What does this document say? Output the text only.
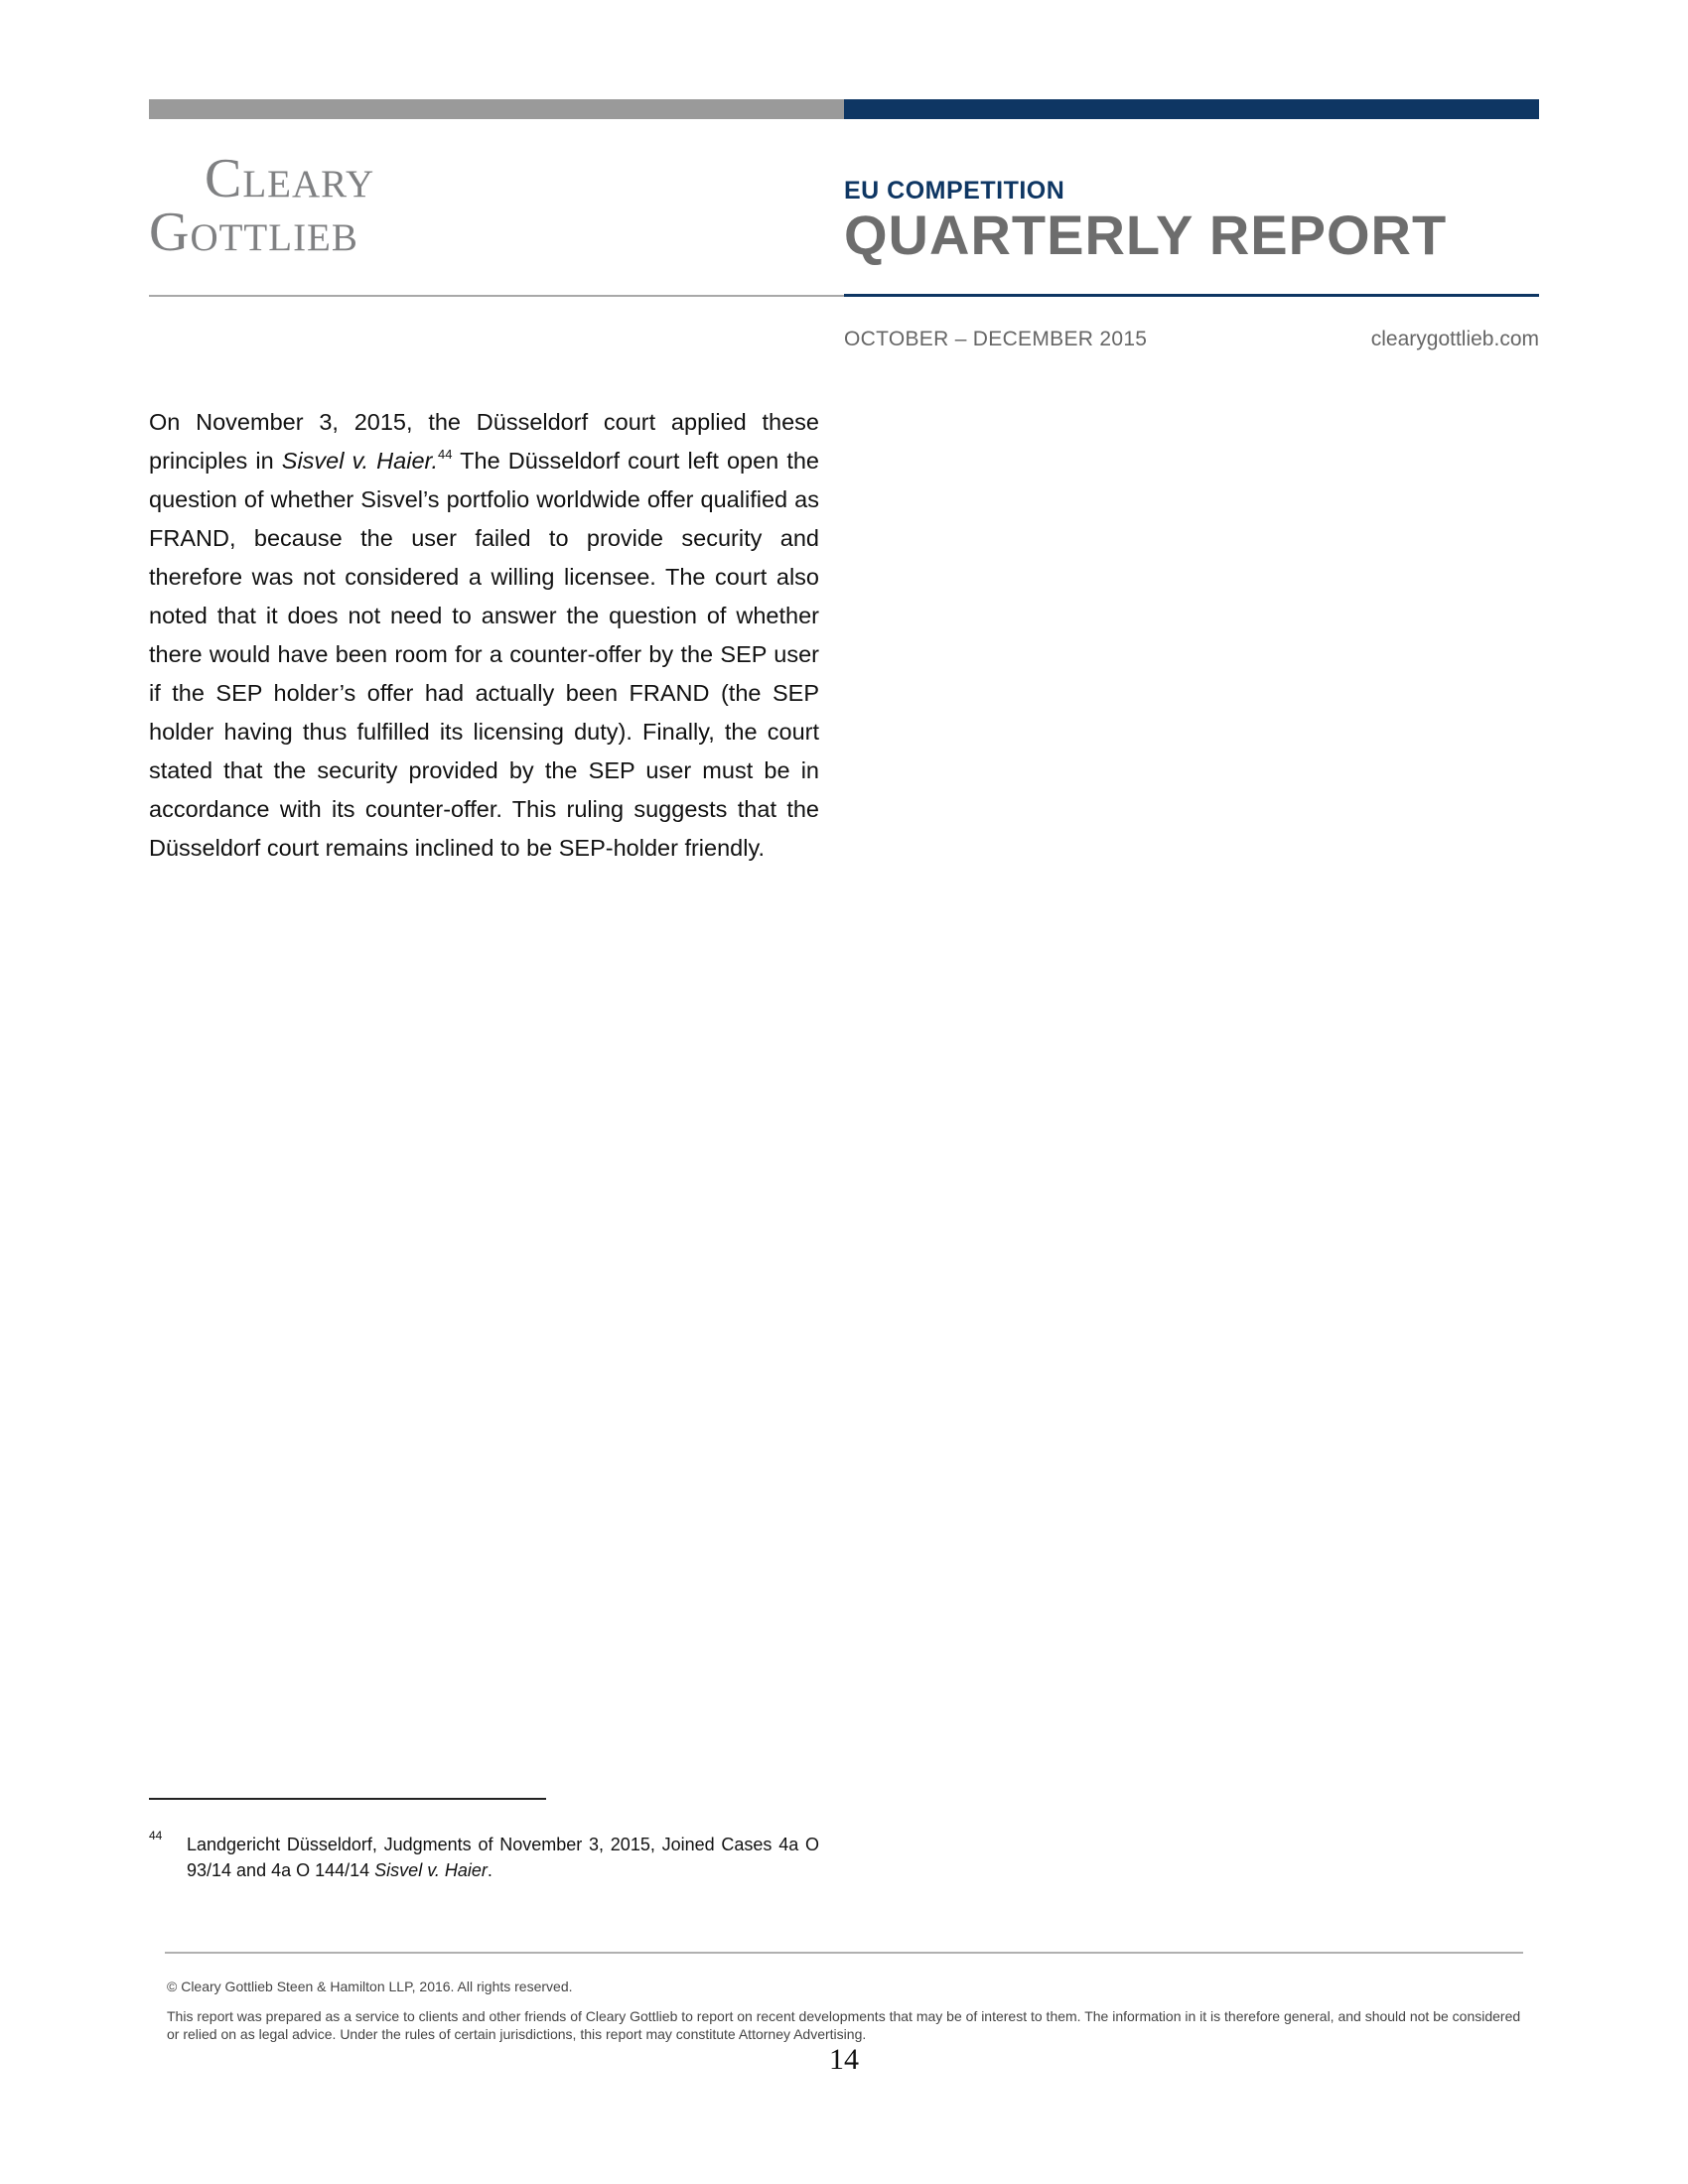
Cleary
Gottlieb
EU COMPETITION
QUARTERLY REPORT
OCTOBER – DECEMBER 2015	clearygottlieb.com
On November 3, 2015, the Düsseldorf court applied these principles in Sisvel v. Haier.$^{44}$ The Düsseldorf court left open the question of whether Sisvel’s portfolio worldwide offer qualified as FRAND, because the user failed to provide security and therefore was not considered a willing licensee. The court also noted that it does not need to answer the question of whether there would have been room for a counter-offer by the SEP user if the SEP holder’s offer had actually been FRAND (the SEP holder having thus fulfilled its licensing duty). Finally, the court stated that the security provided by the SEP user must be in accordance with its counter-offer. This ruling suggests that the Düsseldorf court remains inclined to be SEP-holder friendly.
44 Landgericht Düsseldorf, Judgments of November 3, 2015, Joined Cases 4a O 93/14 and 4a O 144/14 Sisvel v. Haier.
© Cleary Gottlieb Steen & Hamilton LLP, 2016. All rights reserved.
This report was prepared as a service to clients and other friends of Cleary Gottlieb to report on recent developments that may be of interest to them. The information in it is therefore general, and should not be considered or relied on as legal advice. Under the rules of certain jurisdictions, this report may constitute Attorney Advertising.
14
